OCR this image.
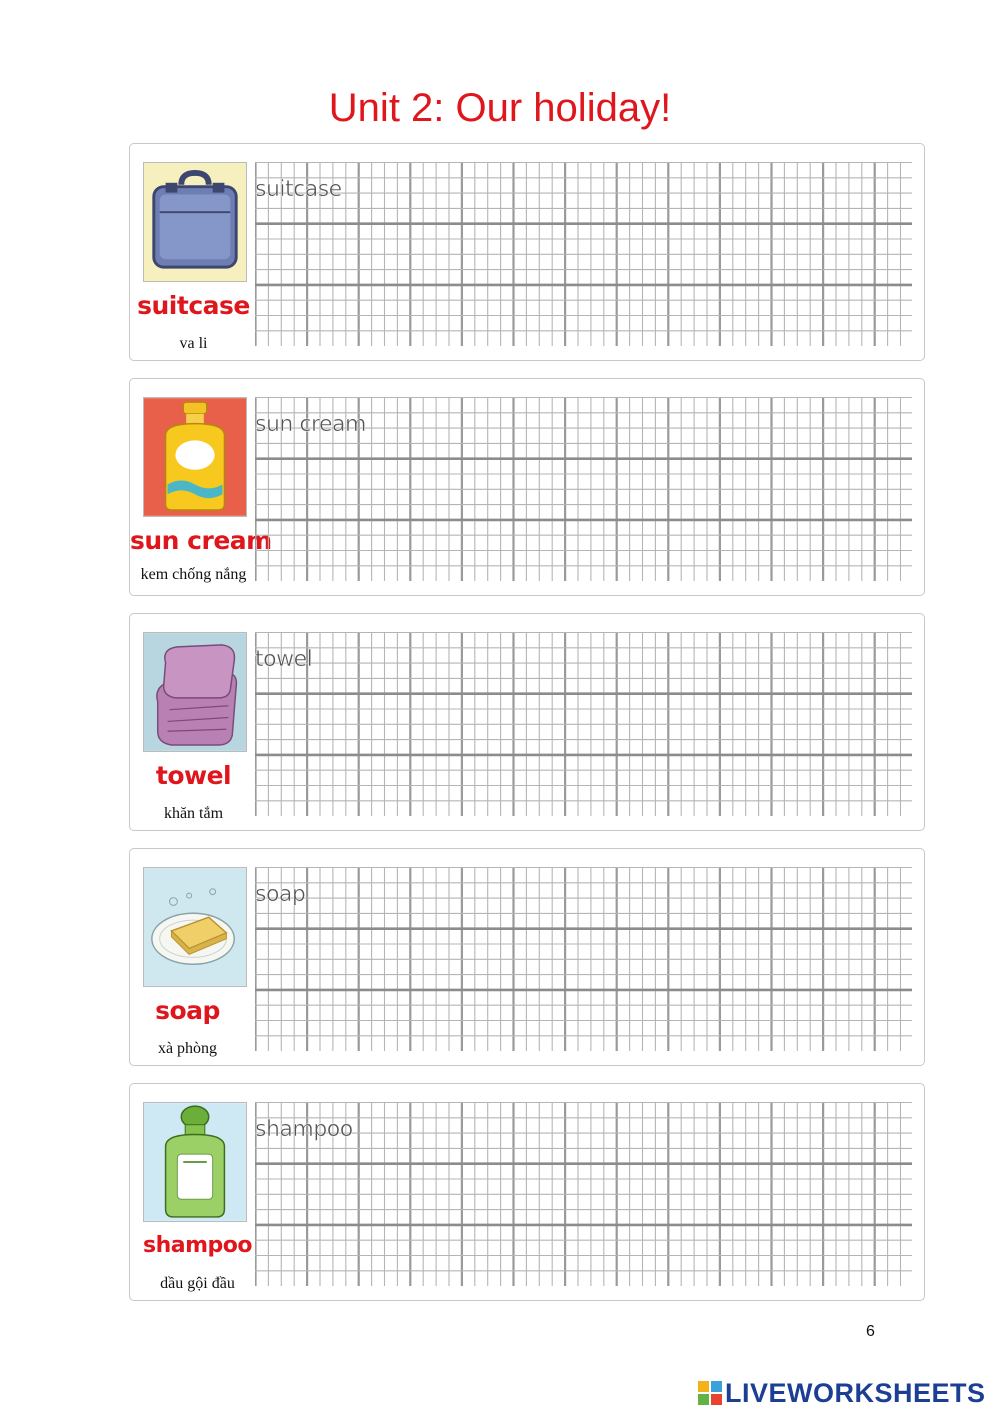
Unit 2: Our holiday!
suitcase
va li
suitcase
sun cream
kem chống nắng
sun cream
towel
khăn tắm
towel
soap
xà phòng
soap
shampoo
dầu gội đầu
shampoo
6
LIVEWORKSHEETS
